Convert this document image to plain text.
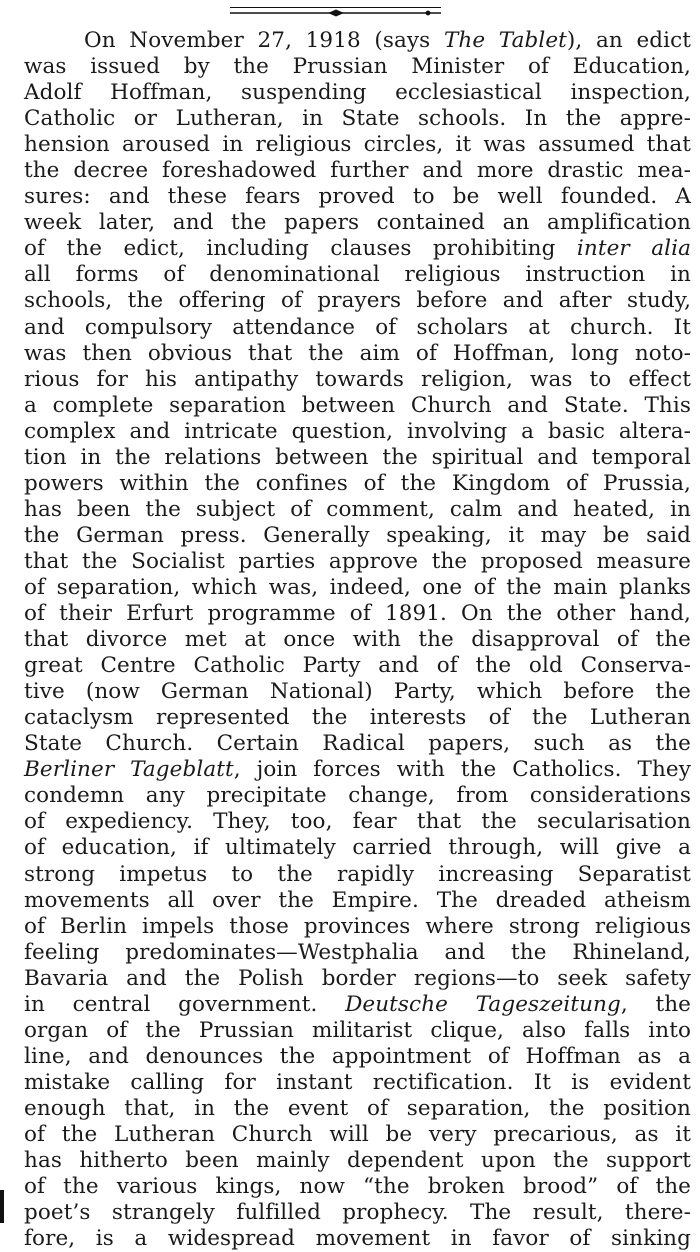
On November 27, 1918 (says The Tablet), an edict
was issued by the Prussian Minister of Education,
Adolf Hoffman, suspending ecclesiastical inspection,
Catholic or Lutheran, in State schools. In the appre-
hension aroused in religious circles, it was assumed that
the decree foreshadowed further and more drastic mea-
sures: and these fears proved to be well founded. A
week later, and the papers contained an amplification
of the edict, including clauses prohibiting inter alia
all forms of denominational religious instruction in
schools, the offering of prayers before and after study,
and compulsory attendance of scholars at church. It
was then obvious that the aim of Hoffman, long noto-
rious for his antipathy towards religion, was to effect
a complete separation between Church and State. This
complex and intricate question, involving a basic altera-
tion in the relations between the spiritual and temporal
powers within the confines of the Kingdom of Prussia,
has been the subject of comment, calm and heated, in
the German press. Generally speaking, it may be said
that the Socialist parties approve the proposed measure
of separation, which was, indeed, one of the main planks
of their Erfurt programme of 1891. On the other hand,
that divorce met at once with the disapproval of the
great Centre Catholic Party and of the old Conserva-
tive (now German National) Party, which before the
cataclysm represented the interests of the Lutheran
State Church. Certain Radical papers, such as the
Berliner Tageblatt, join forces with the Catholics. They
condemn any precipitate change, from considerations
of expediency. They, too, fear that the secularisation
of education, if ultimately carried through, will give a
strong impetus to the rapidly increasing Separatist
movements all over the Empire. The dreaded atheism
of Berlin impels those provinces where strong religious
feeling predominates—Westphalia and the Rhineland,
Bavaria and the Polish border regions—to seek safety
in central government. Deutsche Tageszeitung, the
organ of the Prussian militarist clique, also falls into
line, and denounces the appointment of Hoffman as a
mistake calling for instant rectification. It is evident
enough that, in the event of separation, the position
of the Lutheran Church will be very precarious, as it
has hitherto been mainly dependent upon the support
of the various kings, now “the broken brood” of the
poet’s strangely fulfilled prophecy. The result, there-
fore, is a widespread movement in favor of sinking
